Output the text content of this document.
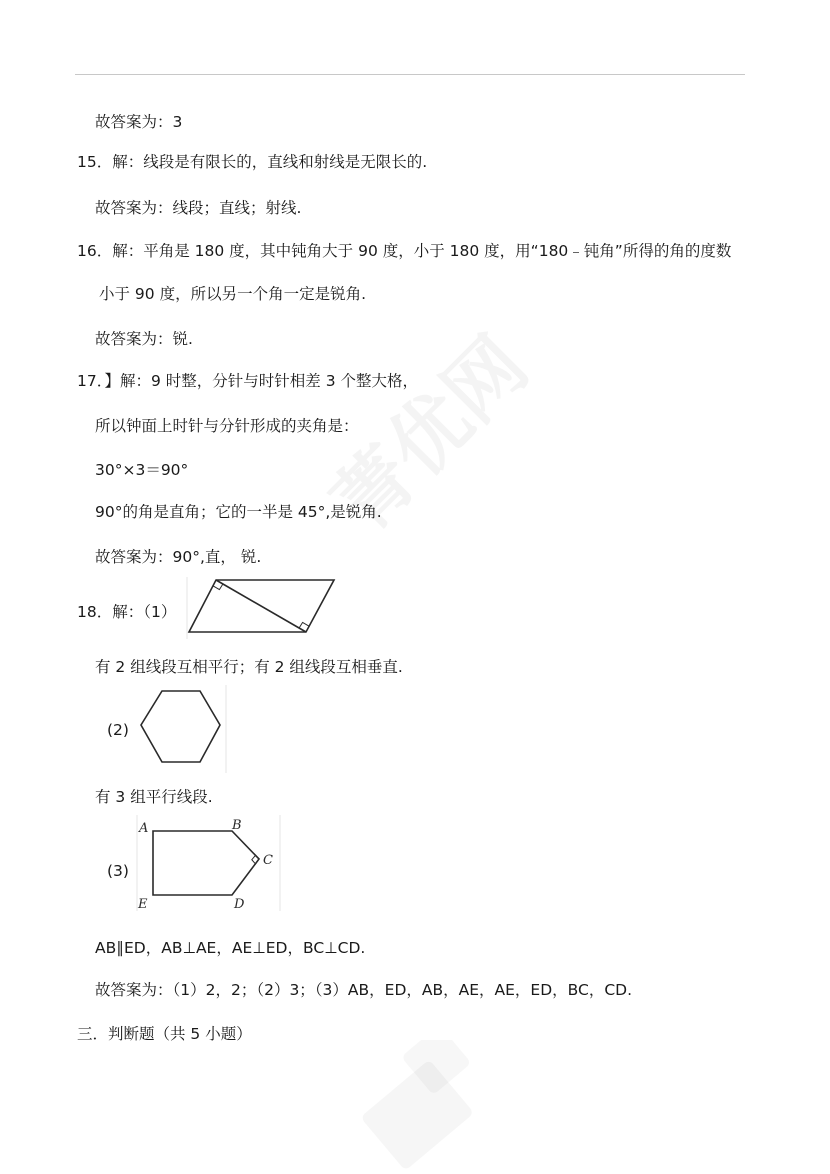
故答案为：3
15．解：线段是有限长的，直线和射线是无限长的.
故答案为：线段；直线；射线.
16．解：平角是 180 度，其中钝角大于 90 度，小于 180 度，用“180﹣钝角”所得的角的度数
小于 90 度，所以另一个角一定是锐角.
故答案为：锐.
17．】解：9 时整，分针与时针相差 3 个整大格，
所以钟面上时针与分针形成的夹角是：
30°×3＝90°
90°的角是直角；它的一半是 45°,是锐角.
故答案为：90°,直， 锐.
18．解：（1）
有 2 组线段互相平行；有 2 组线段互相垂直.
(2)
有 3 组平行线段.
(3)
A	B
C
D
E
AB∥ED，AB⊥AE，AE⊥ED，BC⊥CD.
故答案为：（1）2，2；（2）3；（3）AB，ED，AB，AE，AE，ED，BC，CD.
三．判断题（共 5 小题）
菁优网
